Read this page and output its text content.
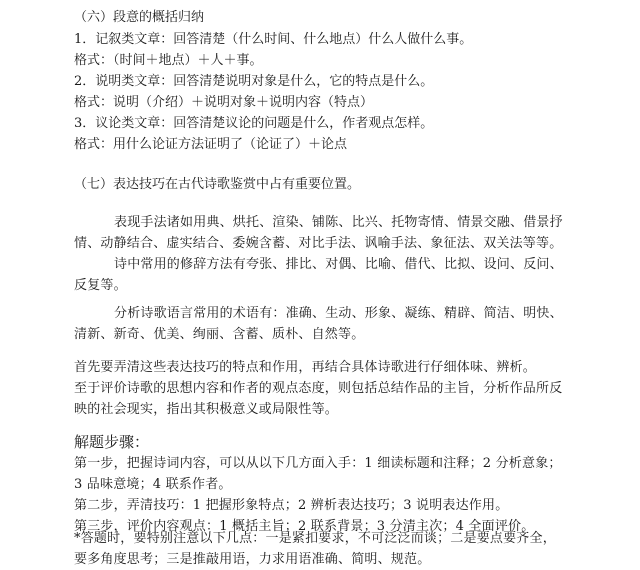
（六）段意的概括归纳
1．记叙类文章：回答清楚（什么时间、什么地点）什么人做什么事。
格式：（时间＋地点）＋人＋事。
2．说明类文章：回答清楚说明对象是什么，它的特点是什么。
格式：说明（介绍）＋说明对象＋说明内容（特点）
3．议论类文章：回答清楚议论的问题是什么，作者观点怎样。
格式：用什么论证方法证明了（论证了）＋论点
（七）表达技巧在古代诗歌鉴赏中占有重要位置。
表现手法诸如用典、烘托、渲染、铺陈、比兴、托物寄情、情景交融、借景抒情、动静结合、虚实结合、委婉含蓄、对比手法、讽喻手法、象征法、双关法等等。
诗中常用的修辞方法有夸张、排比、对偶、比喻、借代、比拟、设问、反问、反复等。
分析诗歌语言常用的术语有：准确、生动、形象、凝练、精辟、简洁、明快、清新、新奇、优美、绚丽、含蓄、质朴、自然等。
首先要弄清这些表达技巧的特点和作用，再结合具体诗歌进行仔细体味、辨析。
至于评价诗歌的思想内容和作者的观点态度，则包括总结作品的主旨，分析作品所反映的社会现实，指出其积极意义或局限性等。
解题步骤：
第一步，把握诗词内容，可以从以下几方面入手：1 细读标题和注释；2 分析意象；3 品味意境；4 联系作者。
第二步，弄清技巧：1 把握形象特点；2 辨析表达技巧；3 说明表达作用。
第三步，评价内容观点：1 概括主旨；2 联系背景；3 分清主次；4 全面评价。
*答题时，要特别注意以下几点：一是紧扣要求，不可泛泛而谈；二是要点要齐全，要多角度思考；三是推敲用语，力求用语准确、简明、规范。
